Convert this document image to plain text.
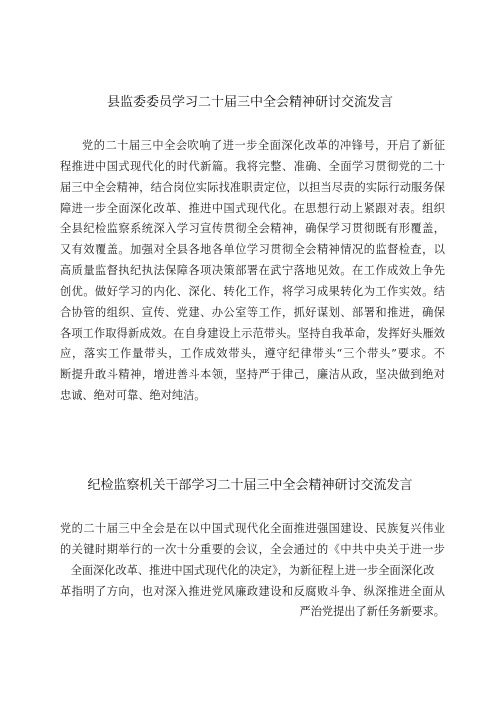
县监委委员学习二十届三中全会精神研讨交流发言
党的二十届三中全会吹响了进一步全面深化改革的冲锋号，开启了新征
程推进中国式现代化的时代新篇。我将完整、准确、全面学习贯彻党的二十
届三中全会精神，结合岗位实际找准职责定位，以担当尽责的实际行动服务保
障进一步全面深化改革、推进中国式现代化。在思想行动上紧跟对表。组织
全县纪检监察系统深入学习宣传贯彻全会精神，确保学习贯彻既有形覆盖，
又有效覆盖。加强对全县各地各单位学习贯彻全会精神情况的监督检查，以
高质量监督执纪执法保障各项决策部署在武宁落地见效。在工作成效上争先
创优。做好学习的内化、深化、转化工作，将学习成果转化为工作实效。结
合协管的组织、宣传、党建、办公室等工作，抓好谋划、部署和推进，确保
各项工作取得新成效。在自身建设上示范带头。坚持自我革命，发挥好头雁效
应，落实工作量带头，工作成效带头，遵守纪律带头“三个带头”要求。不
断提升敢斗精神，增进善斗本领，坚持严于律己，廉洁从政，坚决做到绝对
忠诚、绝对可靠、绝对纯洁。
纪检监察机关干部学习二十届三中全会精神研讨交流发言
党的二十届三中全会是在以中国式现代化全面推进强国建设、民族复兴伟业
的关键时期举行的一次十分重要的会议，全会通过的《中共中央关于进一步
全面深化改革、推进中国式现代化的决定》，为新征程上进一步全面深化改
革指明了方向，也对深入推进党风廉政建设和反腐败斗争、纵深推进全面从
严治党提出了新任务新要求。
